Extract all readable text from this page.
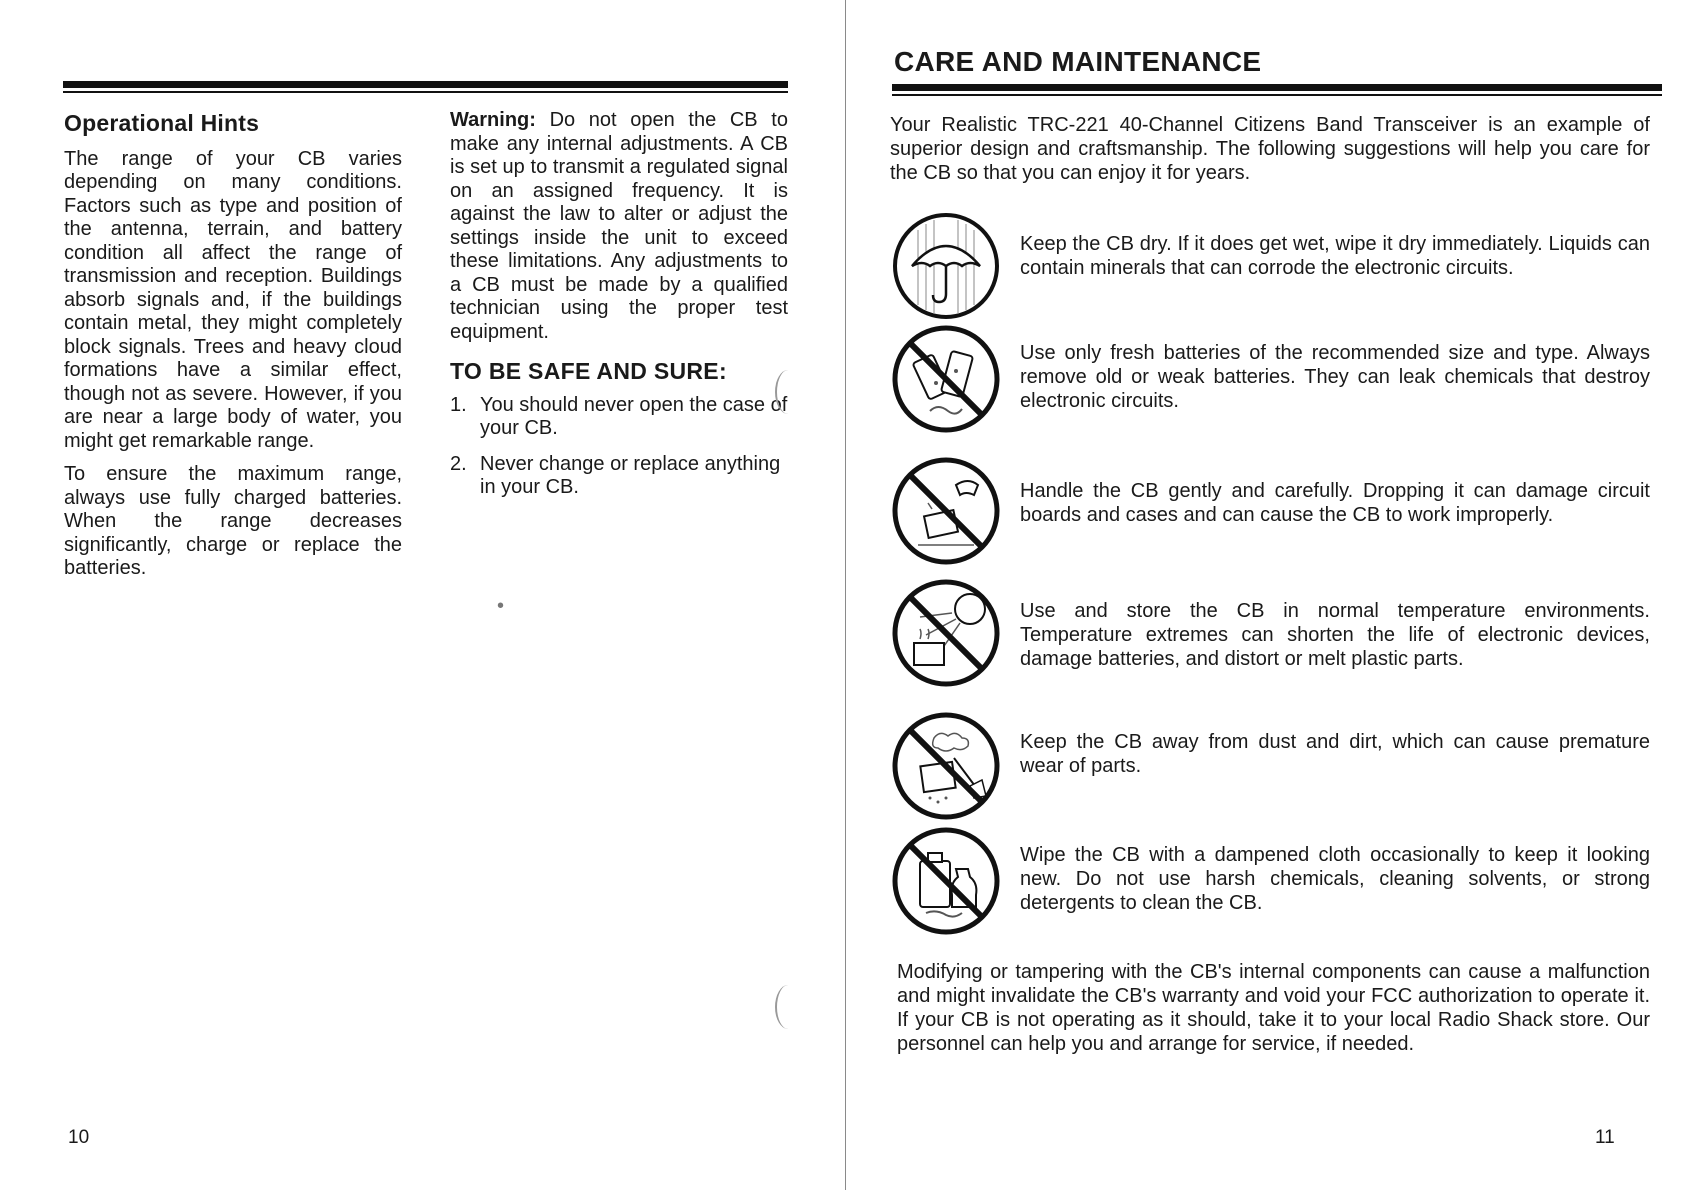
Operational Hints

The range of your CB varies depending on many conditions. Factors such as type and position of the antenna, terrain, and battery condition all affect the range of transmission and reception. Buildings absorb signals and, if the buildings contain metal, they might completely block signals. Trees and heavy cloud formations have a similar effect, though not as severe. However, if you are near a large body of water, you might get remarkable range.

To ensure the maximum range, always use fully charged batteries. When the range decreases significantly, charge or replace the batteries.

Warning: Do not open the CB to make any internal adjustments. A CB is set up to transmit a regulated signal on an assigned frequency. It is against the law to alter or adjust the settings inside the unit to exceed these limitations. Any adjustments to a CB must be made by a qualified technician using the proper test equipment.

TO BE SAFE AND SURE:
1. You should never open the case of your CB.
2. Never change or replace anything in your CB.
•
10
CARE AND MAINTENANCE
Your Realistic TRC-221 40-Channel Citizens Band Transceiver is an example of superior design and craftsmanship. The following suggestions will help you care for the CB so that you can enjoy it for years.
Keep the CB dry. If it does get wet, wipe it dry immediately. Liquids can contain minerals that can corrode the electronic circuits.
Use only fresh batteries of the recommended size and type. Always remove old or weak batteries. They can leak chemicals that destroy electronic circuits.
Handle the CB gently and carefully. Dropping it can damage circuit boards and cases and can cause the CB to work improperly.
Use and store the CB in normal temperature environments. Temperature extremes can shorten the life of electronic devices, damage batteries, and distort or melt plastic parts.
Keep the CB away from dust and dirt, which can cause premature wear of parts.
Wipe the CB with a dampened cloth occasionally to keep it looking new. Do not use harsh chemicals, cleaning solvents, or strong detergents to clean the CB.
Modifying or tampering with the CB's internal components can cause a malfunction and might invalidate the CB's warranty and void your FCC authorization to operate it. If your CB is not operating as it should, take it to your local Radio Shack store. Our personnel can help you and arrange for service, if needed.
11
